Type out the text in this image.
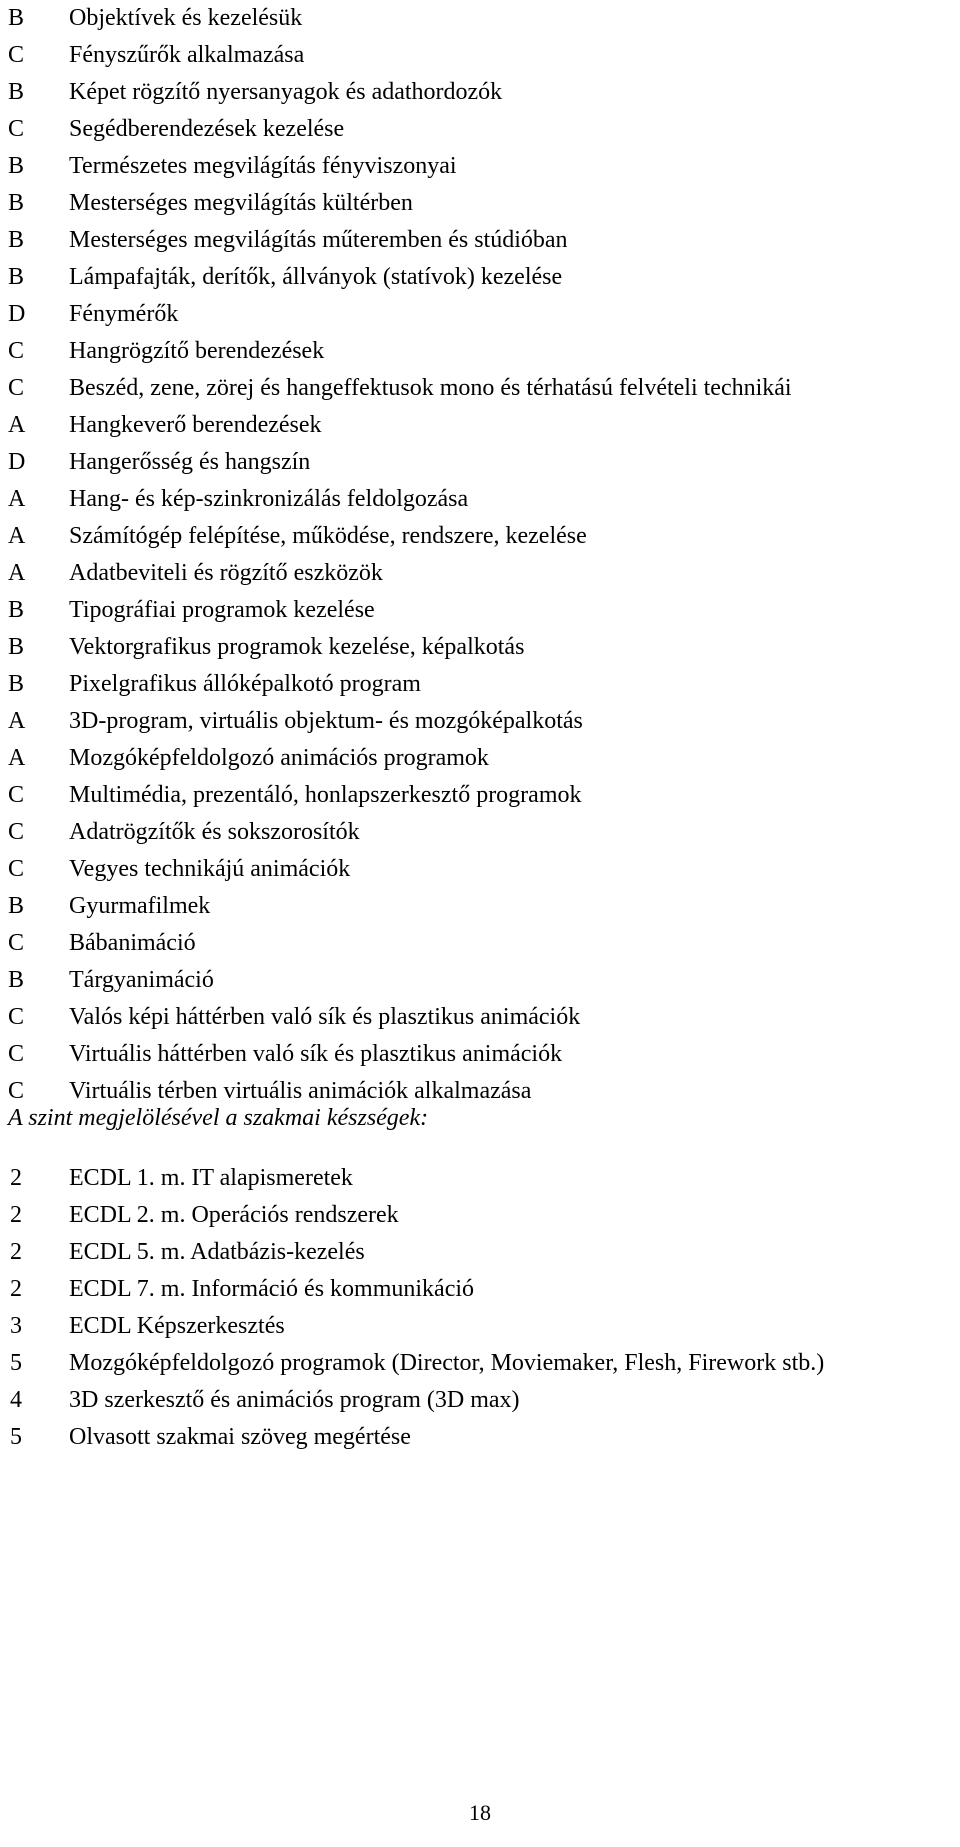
B	Objektívek és kezelésük
C	Fényszűrők alkalmazása
B	Képet rögzítő nyersanyagok és adathordozók
C	Segédberendezések kezelése
B	Természetes megvilágítás fényviszonyai
B	Mesterséges megvilágítás kültérben
B	Mesterséges megvilágítás műteremben és stúdióban
B	Lámpafajták, derítők, állványok (statívok) kezelése
D	Fénymérők
C	Hangrögzítő berendezések
C	Beszéd, zene, zörej és hangeffektusok mono és térhatású felvételi technikái
A	Hangkeverő berendezések
D	Hangerősség és hangszín
A	Hang- és kép-szinkronizálás feldolgozása
A	Számítógép felépítése, működése, rendszere, kezelése
A	Adatbeviteli és rögzítő eszközök
B	Tipográfiai programok kezelése
B	Vektorgrafikus programok kezelése, képalkotás
B	Pixelgrafikus állóképalkotó program
A	3D-program, virtuális objektum- és mozgóképalkotás
A	Mozgóképfeldolgozó animációs programok
C	Multimédia, prezentáló, honlapszerkesztő programok
C	Adatrögzítők és sokszorosítók
C	Vegyes technikájú animációk
B	Gyurmafilmek
C	Bábanimáció
B	Tárgyanimáció
C	Valós képi háttérben való sík és plasztikus animációk
C	Virtuális háttérben való sík és plasztikus animációk
C	Virtuális térben virtuális animációk alkalmazása
A szint megjelölésével a szakmai készségek:
2	ECDL 1. m. IT alapismeretek
2	ECDL 2. m. Operációs rendszerek
2	ECDL 5. m. Adatbázis-kezelés
2	ECDL 7. m. Információ és kommunikáció
3	ECDL Képszerkesztés
5	Mozgóképfeldolgozó programok (Director, Moviemaker, Flesh, Firework stb.)
4	3D szerkesztő és animációs program (3D max)
5	Olvasott szakmai szöveg megértése
18
